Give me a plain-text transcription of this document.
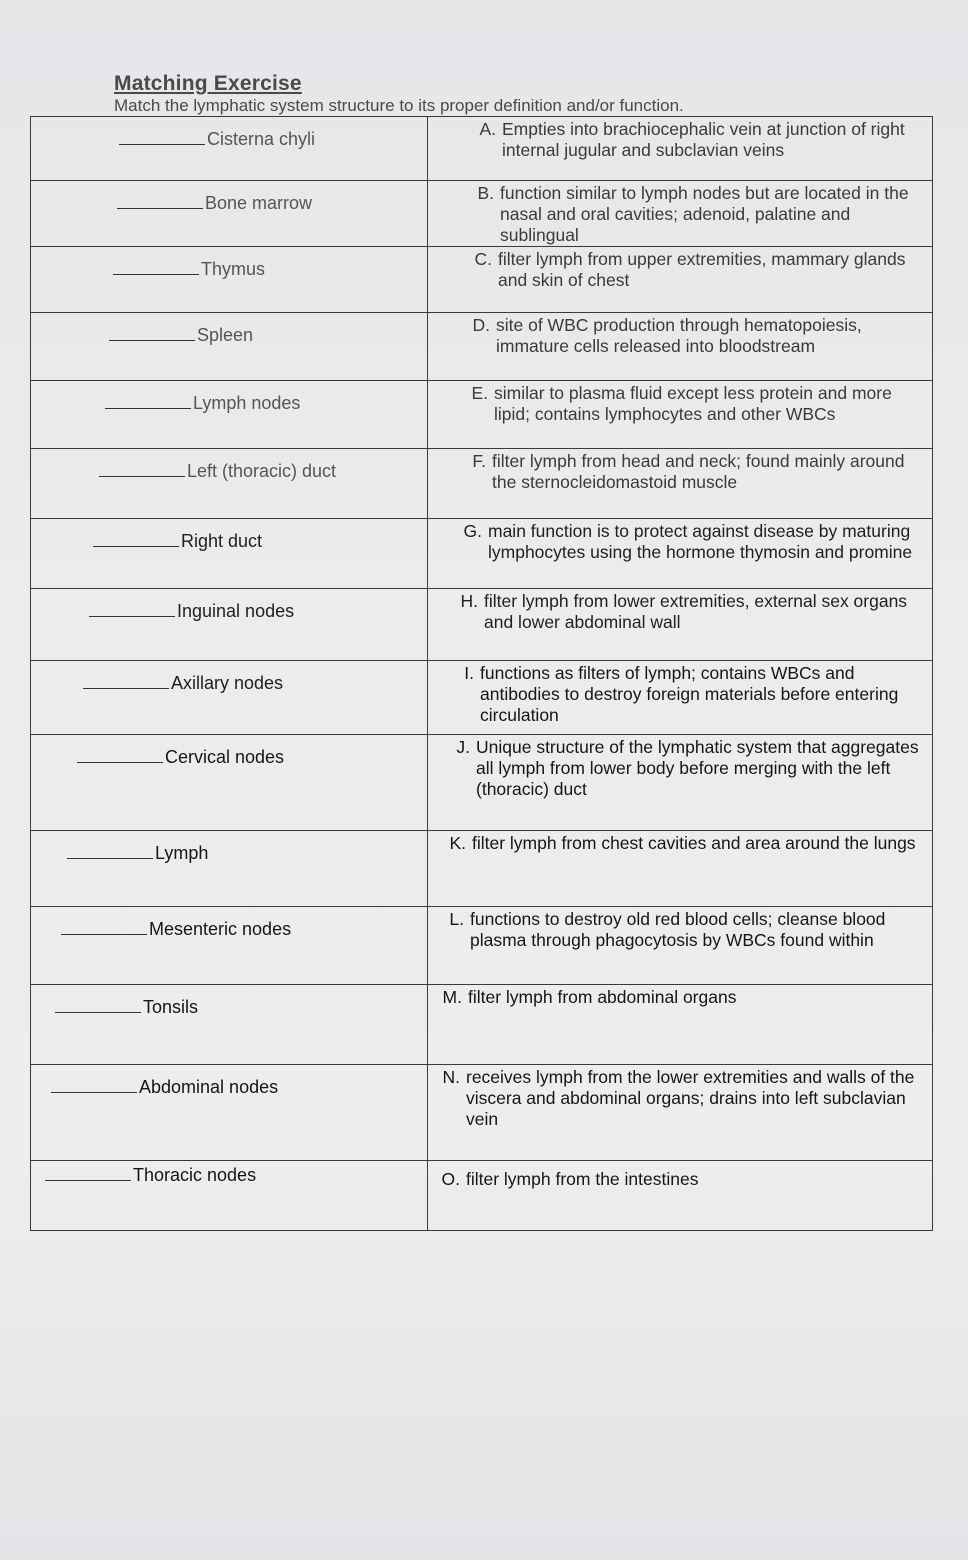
Matching Exercise
Match the lymphatic system structure to its proper definition and/or function.
Cisterna chyli	A. Empties into brachiocephalic vein at junction of right internal jugular and subclavian veins

Bone marrow	B. function similar to lymph nodes but are located in the nasal and oral cavities; adenoid, palatine and sublingual

Thymus	C. filter lymph from upper extremities, mammary glands and skin of chest

Spleen	D. site of WBC production through hematopoiesis, immature cells released into bloodstream

Lymph nodes	E. similar to plasma fluid except less protein and more lipid; contains lymphocytes and other WBCs

Left (thoracic) duct	F. filter lymph from head and neck; found mainly around the sternocleidomastoid muscle

Right duct	G. main function is to protect against disease by maturing lymphocytes using the hormone thymosin and promine

Inguinal nodes	H. filter lymph from lower extremities, external sex organs and lower abdominal wall

Axillary nodes	I. functions as filters of lymph; contains WBCs and antibodies to destroy foreign materials before entering circulation

Cervical nodes	J. Unique structure of the lymphatic system that aggregates all lymph from lower body before merging with the left (thoracic) duct

Lymph	K. filter lymph from chest cavities and area around the lungs

Mesenteric nodes	L. functions to destroy old red blood cells; cleanse blood plasma through phagocytosis by WBCs found within

Tonsils	M. filter lymph from abdominal organs

Abdominal nodes	N. receives lymph from the lower extremities and walls of the viscera and abdominal organs; drains into left subclavian vein

Thoracic nodes	O. filter lymph from the intestines
